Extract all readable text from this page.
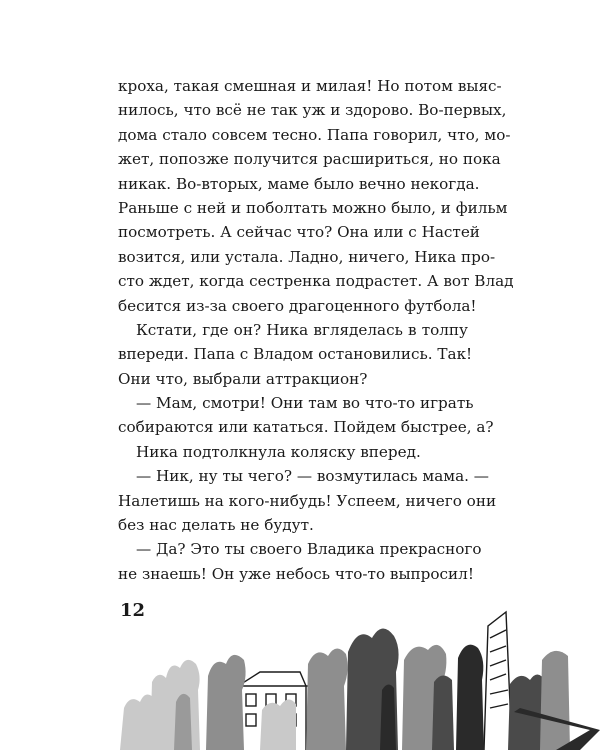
кроха, такая смешная и милая! Но потом выяс-
нилось, что всё не так уж и здорово. Во-первых,
дома стало совсем тесно. Папа говорил, что, мо-
жет, попозже получится расшириться, но пока
никак. Во-вторых, маме было вечно некогда.
Раньше с ней и поболтать можно было, и фильм
посмотреть. А сейчас что? Она или с Настей
возится, или устала. Ладно, ничего, Ника про-
сто ждет, когда сестренка подрастет. А вот Влад
бесится из-за своего драгоценного футбола!
Кстати, где он? Ника вгляделась в толпу
впереди. Папа с Владом остановились. Так!
Они что, выбрали аттракцион?
— Мам, смотри! Они там во что-то играть
собираются или кататься. Пойдем быстрее, а?
Ника подтолкнула коляску вперед.
— Ник, ну ты чего? — возмутилась мама. —
Налетишь на кого-нибудь! Успеем, ничего они
без нас делать не будут.
— Да? Это ты своего Владика прекрасного
не знаешь! Он уже небось что-то выпросил!
12
